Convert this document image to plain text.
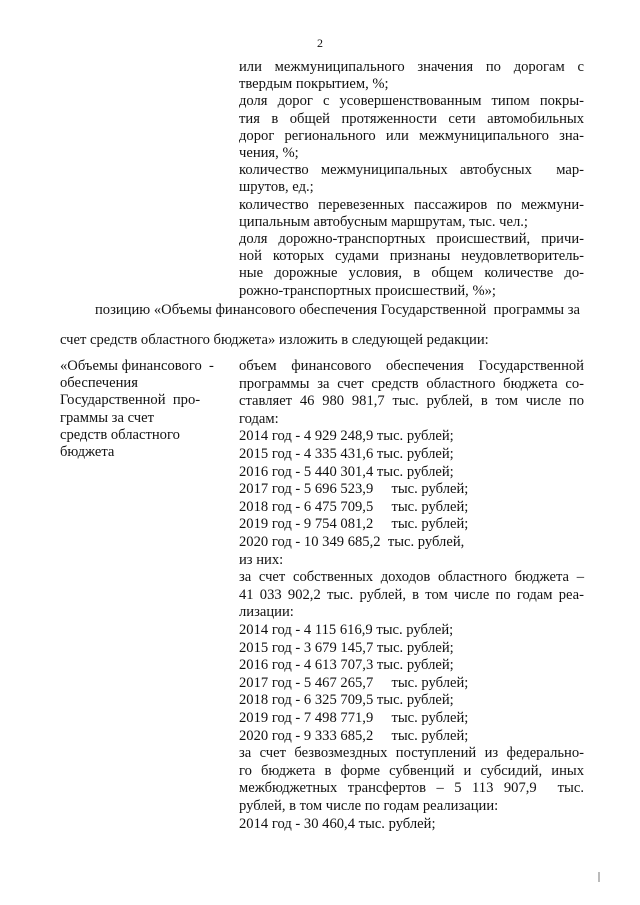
2
или  межмуниципального  значения  по  дорогам  с
твердым покрытием, %;
доля дорог с усовершенствованным типом покры-
тия  в  общей  протяженности  сети  автомобильных
дорог регионального или межмуниципального зна-
чения, %;
количество  межмуниципальных  автобусных    мар-
шрутов, ед.;
количество перевезенных пассажиров по межмуни-
ципальным автобусным маршрутам, тыс. чел.;
доля  дорожно-транспортных  происшествий,  причи-
ной  которых  судами  признаны  неудовлетворитель-
ные  дорожные  условия,  в  общем  количестве  до-
рожно-транспортных происшествий, %»;
позицию «Объемы финансового обеспечения Государственной  программы за
счет средств областного бюджета» изложить в следующей редакции:
«Объемы финансового  -
обеспечения
Государственной  про-
граммы за счет
средств областного
бюджета
объем  финансового  обеспечения  Государственной
программы за счет средств областного бюджета со-
ставляет  46  980  981,7  тыс.  рублей,  в  том  числе  по
годам:
2014 год - 4 929 248,9 тыс. рублей;
2015 год - 4 335 431,6 тыс. рублей;
2016 год - 5 440 301,4 тыс. рублей;
2017 год - 5 696 523,9     тыс. рублей;
2018 год - 6 475 709,5     тыс. рублей;
2019 год - 9 754 081,2     тыс. рублей;
2020 год - 10 349 685,2  тыс. рублей,
из них:
за счет собственных доходов областного бюджета –
41 033 902,2 тыс. рублей, в том числе по годам реа-
лизации:
2014 год - 4 115 616,9 тыс. рублей;
2015 год - 3 679 145,7 тыс. рублей;
2016 год - 4 613 707,3 тыс. рублей;
2017 год - 5 467 265,7     тыс. рублей;
2018 год - 6 325 709,5 тыс. рублей;
2019 год - 7 498 771,9     тыс. рублей;
2020 год - 9 333 685,2     тыс. рублей;
за счет безвозмездных поступлений из федерально-
го  бюджета  в  форме  субвенций  и  субсидий,  иных
межбюджетных  трансфертов  –  5  113  907,9    тыс.
рублей, в том числе по годам реализации:
2014 год - 30 460,4 тыс. рублей;
